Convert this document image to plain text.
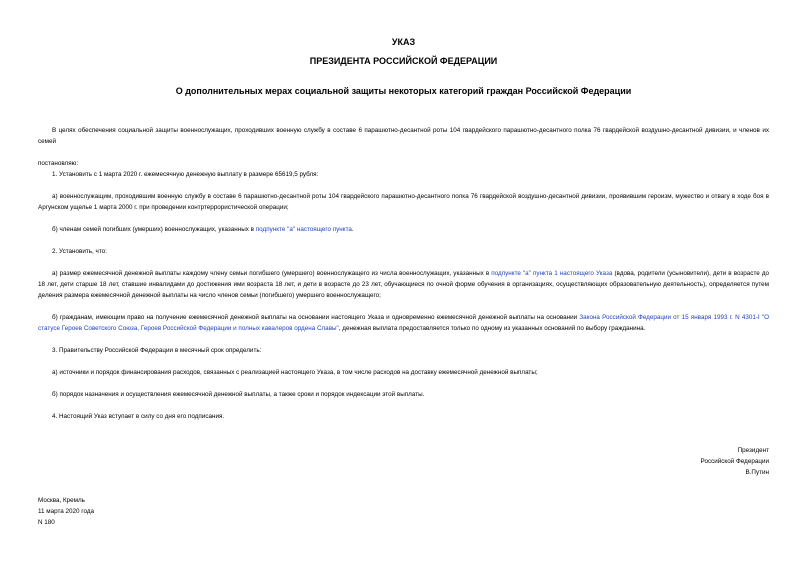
УКАЗ
ПРЕЗИДЕНТА РОССИЙСКОЙ ФЕДЕРАЦИИ
О дополнительных мерах социальной защиты некоторых категорий граждан Российской Федерации

В целях обеспечения социальной защиты военнослужащих, проходивших военную службу в составе 6 парашютно-десантной роты 104 гвардейского парашютно-десантного полка 76 гвардейской воздушно-десантной дивизии, и членов их семей

постановляю:

1. Установить с 1 марта 2020 г. ежемесячную денежную выплату в размере 65619,5 рубля:

а) военнослужащим, проходившим военную службу в составе 6 парашютно-десантной роты 104 гвардейского парашютно-десантного полка 76 гвардейской воздушно-десантной дивизии, проявившим героизм, мужество и отвагу в ходе боя в Аргунском ущелье 1 марта 2000 г. при проведении контртеррористической операции;

б) членам семей погибших (умерших) военнослужащих, указанных в подпункте "а" настоящего пункта.

2. Установить, что:

а) размер ежемесячной денежной выплаты каждому члену семьи погибшего (умершего) военнослужащего из числа военнослужащих, указанных в подпункте "а" пункта 1 настоящего Указа (вдова, родители (усыновители), дети в возрасте до 18 лет, дети старше 18 лет, ставшие инвалидами до достижения ими возраста 18 лет, и дети в возрасте до 23 лет, обучающиеся по очной форме обучения в организациях, осуществляющих образовательную деятельность), определяется путем деления размера ежемесячной денежной выплаты на число членов семьи (погибшего) умершего военнослужащего;

б) гражданам, имеющим право на получение ежемесячной денежной выплаты на основании настоящего Указа и одновременно ежемесячной денежной выплаты на основании Закона Российской Федерации от 15 января 1993 г. N 4301-I "О статусе Героев Советского Союза, Героев Российской Федерации и полных кавалеров ордена Славы", денежная выплата предоставляется только по одному из указанных оснований по выбору гражданина.

3. Правительству Российской Федерации в месячный срок определить:

а) источники и порядок финансирования расходов, связанных с реализацией настоящего Указа, в том числе расходов на доставку ежемесячной денежной выплаты;

б) порядок назначения и осуществления ежемесячной денежной выплаты, а также сроки и порядок индексации этой выплаты.

4. Настоящий Указ вступает в силу со дня его подписания.

Президент
Российской Федерации
В.Путин
Москва, Кремль
11 марта 2020 года
N 180
